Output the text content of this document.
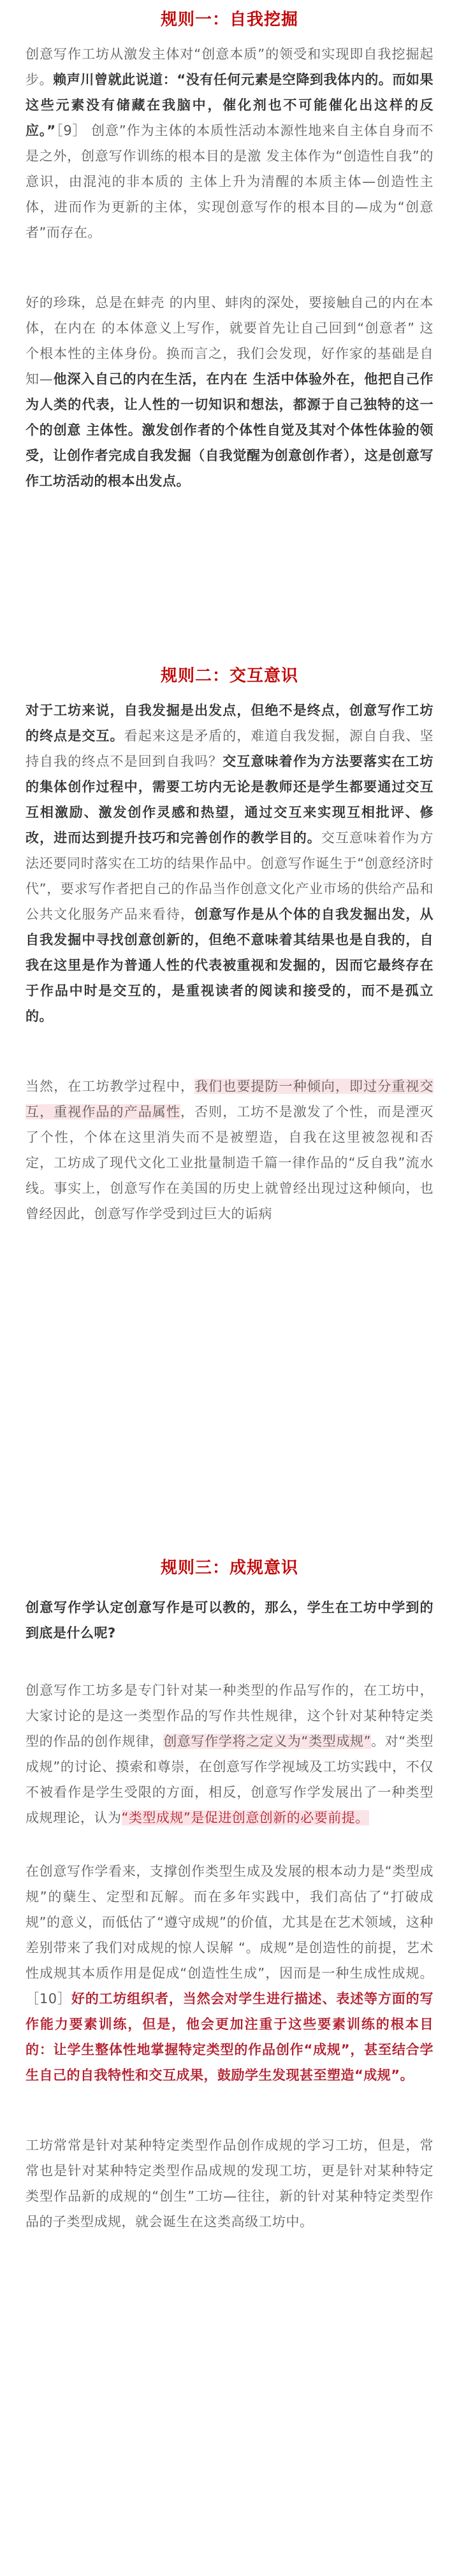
规则一：自我挖掘

创意写作工坊从激发主体对“创意本质”的领受和实现即自我挖掘起步。赖声川曾就此说道：“没有任何元素是空降到我体内的。而如果这些元素没有储藏在我脑中，催化剂也不可能催化出这样的反应。”［9］ 创意”作为主体的本质性活动本源性地来自主体自身而不是之外，创意写作训练的根本目的是激 发主体作为“创造性自我”的意识，由混沌的非本质的 主体上升为清醒的本质主体—创造性主体，进而作为更新的主体，实现创意写作的根本目的—成为“创意者”而存在。

好的珍珠，总是在蚌壳 的内里、蚌肉的深处，要接触自己的内在本体，在内在 的本体意义上写作，就要首先让自己回到“创意者” 这 个根本性的主体身份。换而言之，我们会发现，好作家的基础是自知—他深入自己的内在生活，在内在 生活中体验外在，他把自己作为人类的代表，让人性的一切知识和想法，都源于自己独特的这一个的创意 主体性。激发创作者的个体性自觉及其对个体性体验的领受，让创作者完成自我发掘（自我觉醒为创意创作者），这是创意写作工坊活动的根本出发点。

规则二：交互意识

对于工坊来说，自我发掘是出发点，但绝不是终点，创意写作工坊的终点是交互。看起来这是矛盾的，难道自我发掘，源自自我、坚持自我的终点不是回到自我吗？交互意味着作为方法要落实在工坊的集体创作过程中，需要工坊内无论是教师还是学生都要通过交互互相激励、激发创作灵感和热望，通过交互来实现互相批评、修改，进而达到提升技巧和完善创作的教学目的。交互意味着作为方法还要同时落实在工坊的结果作品中。创意写作诞生于“创意经济时代”，要求写作者把自己的作品当作创意文化产业市场的供给产品和公共文化服务产品来看待，创意写作是从个体的自我发掘出发，从自我发掘中寻找创意创新的，但绝不意味着其结果也是自我的，自我在这里是作为普通人性的代表被重视和发掘的，因而它最终存在于作品中时是交互的，是重视读者的阅读和接受的，而不是孤立的。

当然，在工坊教学过程中，我们也要提防一种倾向，即过分重视交互，重视作品的产品属性，否则，工坊不是激发了个性，而是湮灭了个性，个体在这里消失而不是被塑造，自我在这里被忽视和否定，工坊成了现代文化工业批量制造千篇一律作品的“反自我”流水线。事实上，创意写作在美国的历史上就曾经出现过这种倾向，也曾经因此，创意写作学受到过巨大的诟病

规则三：成规意识

创意写作学认定创意写作是可以教的，那么，学生在工坊中学到的到底是什么呢?

创意写作工坊多是专门针对某一种类型的作品写作的，在工坊中，大家讨论的是这一类型作品的写作共性规律，这个针对某种特定类型的作品的创作规律，创意写作学将之定义为“类型成规”。对“类型成规”的讨论、摸索和尊崇，在创意写作学视域及工坊实践中，不仅不被看作是学生受限的方面，相反，创意写作学发展出了一种类型成规理论，认为“类型成规”是促进创意创新的必要前提。

在创意写作学看来，支撑创作类型生成及发展的根本动力是“类型成规”的蘖生、定型和瓦解。而在多年实践中，我们高估了“打破成规”的意义，而低估了“遵守成规”的价值，尤其是在艺术领域，这种差别带来了我们对成规的惊人误解 “。成规”是创造性的前提，艺术性成规其本质作用是促成“创造性生成”，因而是一种生成性成规。［10］好的工坊组织者，当然会对学生进行描述、表述等方面的写作能力要素训练，但是，他会更加注重于这些要素训练的根本目的：让学生整体性地掌握特定类型的作品创作“成规”，甚至结合学生自己的自我特性和交互成果，鼓励学生发现甚至塑造“成规”。

工坊常常是针对某种特定类型作品创作成规的学习工坊，但是，常常也是针对某种特定类型作品成规的发现工坊，更是针对某种特定类型作品新的成规的“创生”工坊—往往，新的针对某种特定类型作品的子类型成规，就会诞生在这类高级工坊中。
